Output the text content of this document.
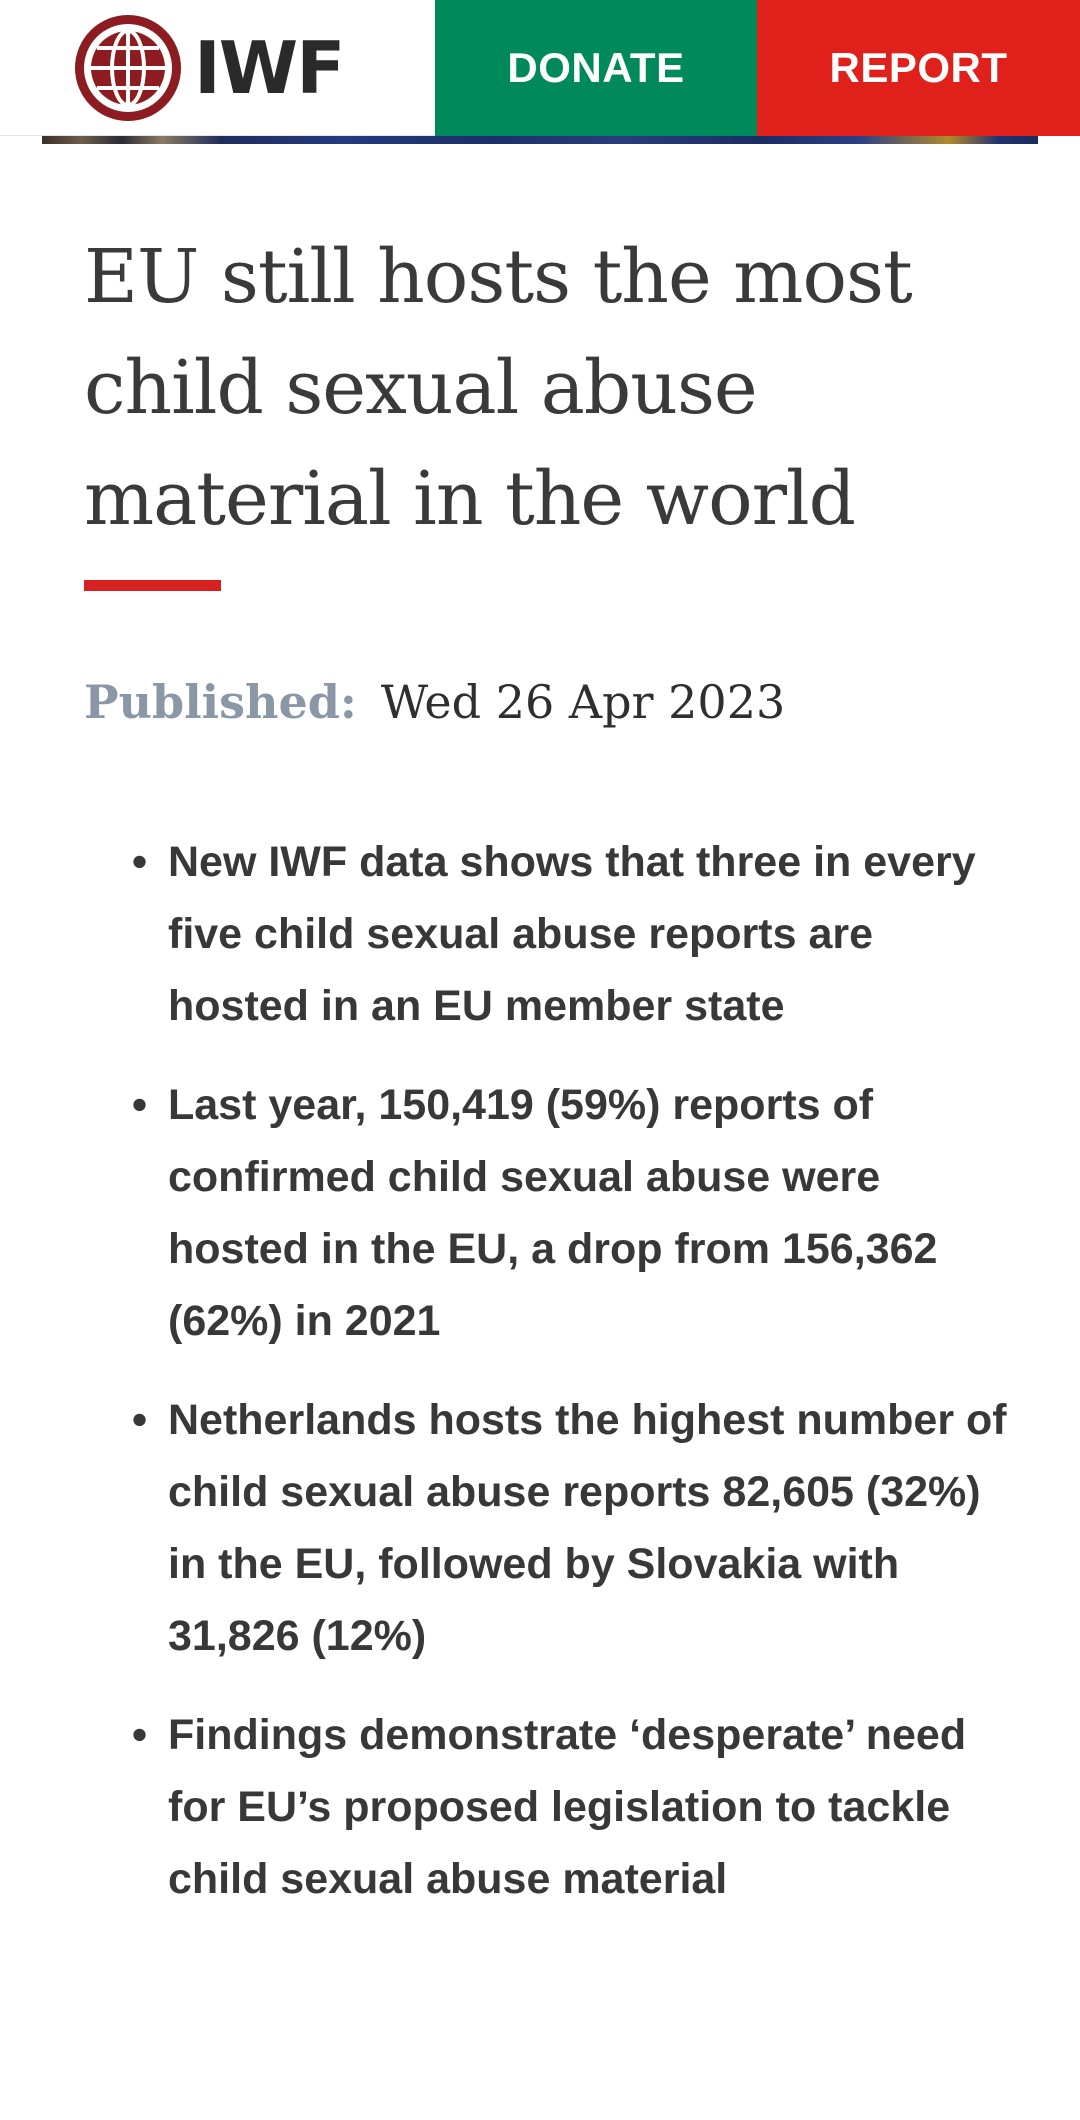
IWF	DONATE	REPORT
EU still hosts the most child sexual abuse material in the world
Published: Wed 26 Apr 2023
• New IWF data shows that three in every five child sexual abuse reports are hosted in an EU member state
• Last year, 150,419 (59%) reports of confirmed child sexual abuse were hosted in the EU, a drop from 156,362 (62%) in 2021
• Netherlands hosts the highest number of child sexual abuse reports 82,605 (32%) in the EU, followed by Slovakia with 31,826 (12%)
• Findings demonstrate ‘desperate’ need for EU’s proposed legislation to tackle child sexual abuse material
